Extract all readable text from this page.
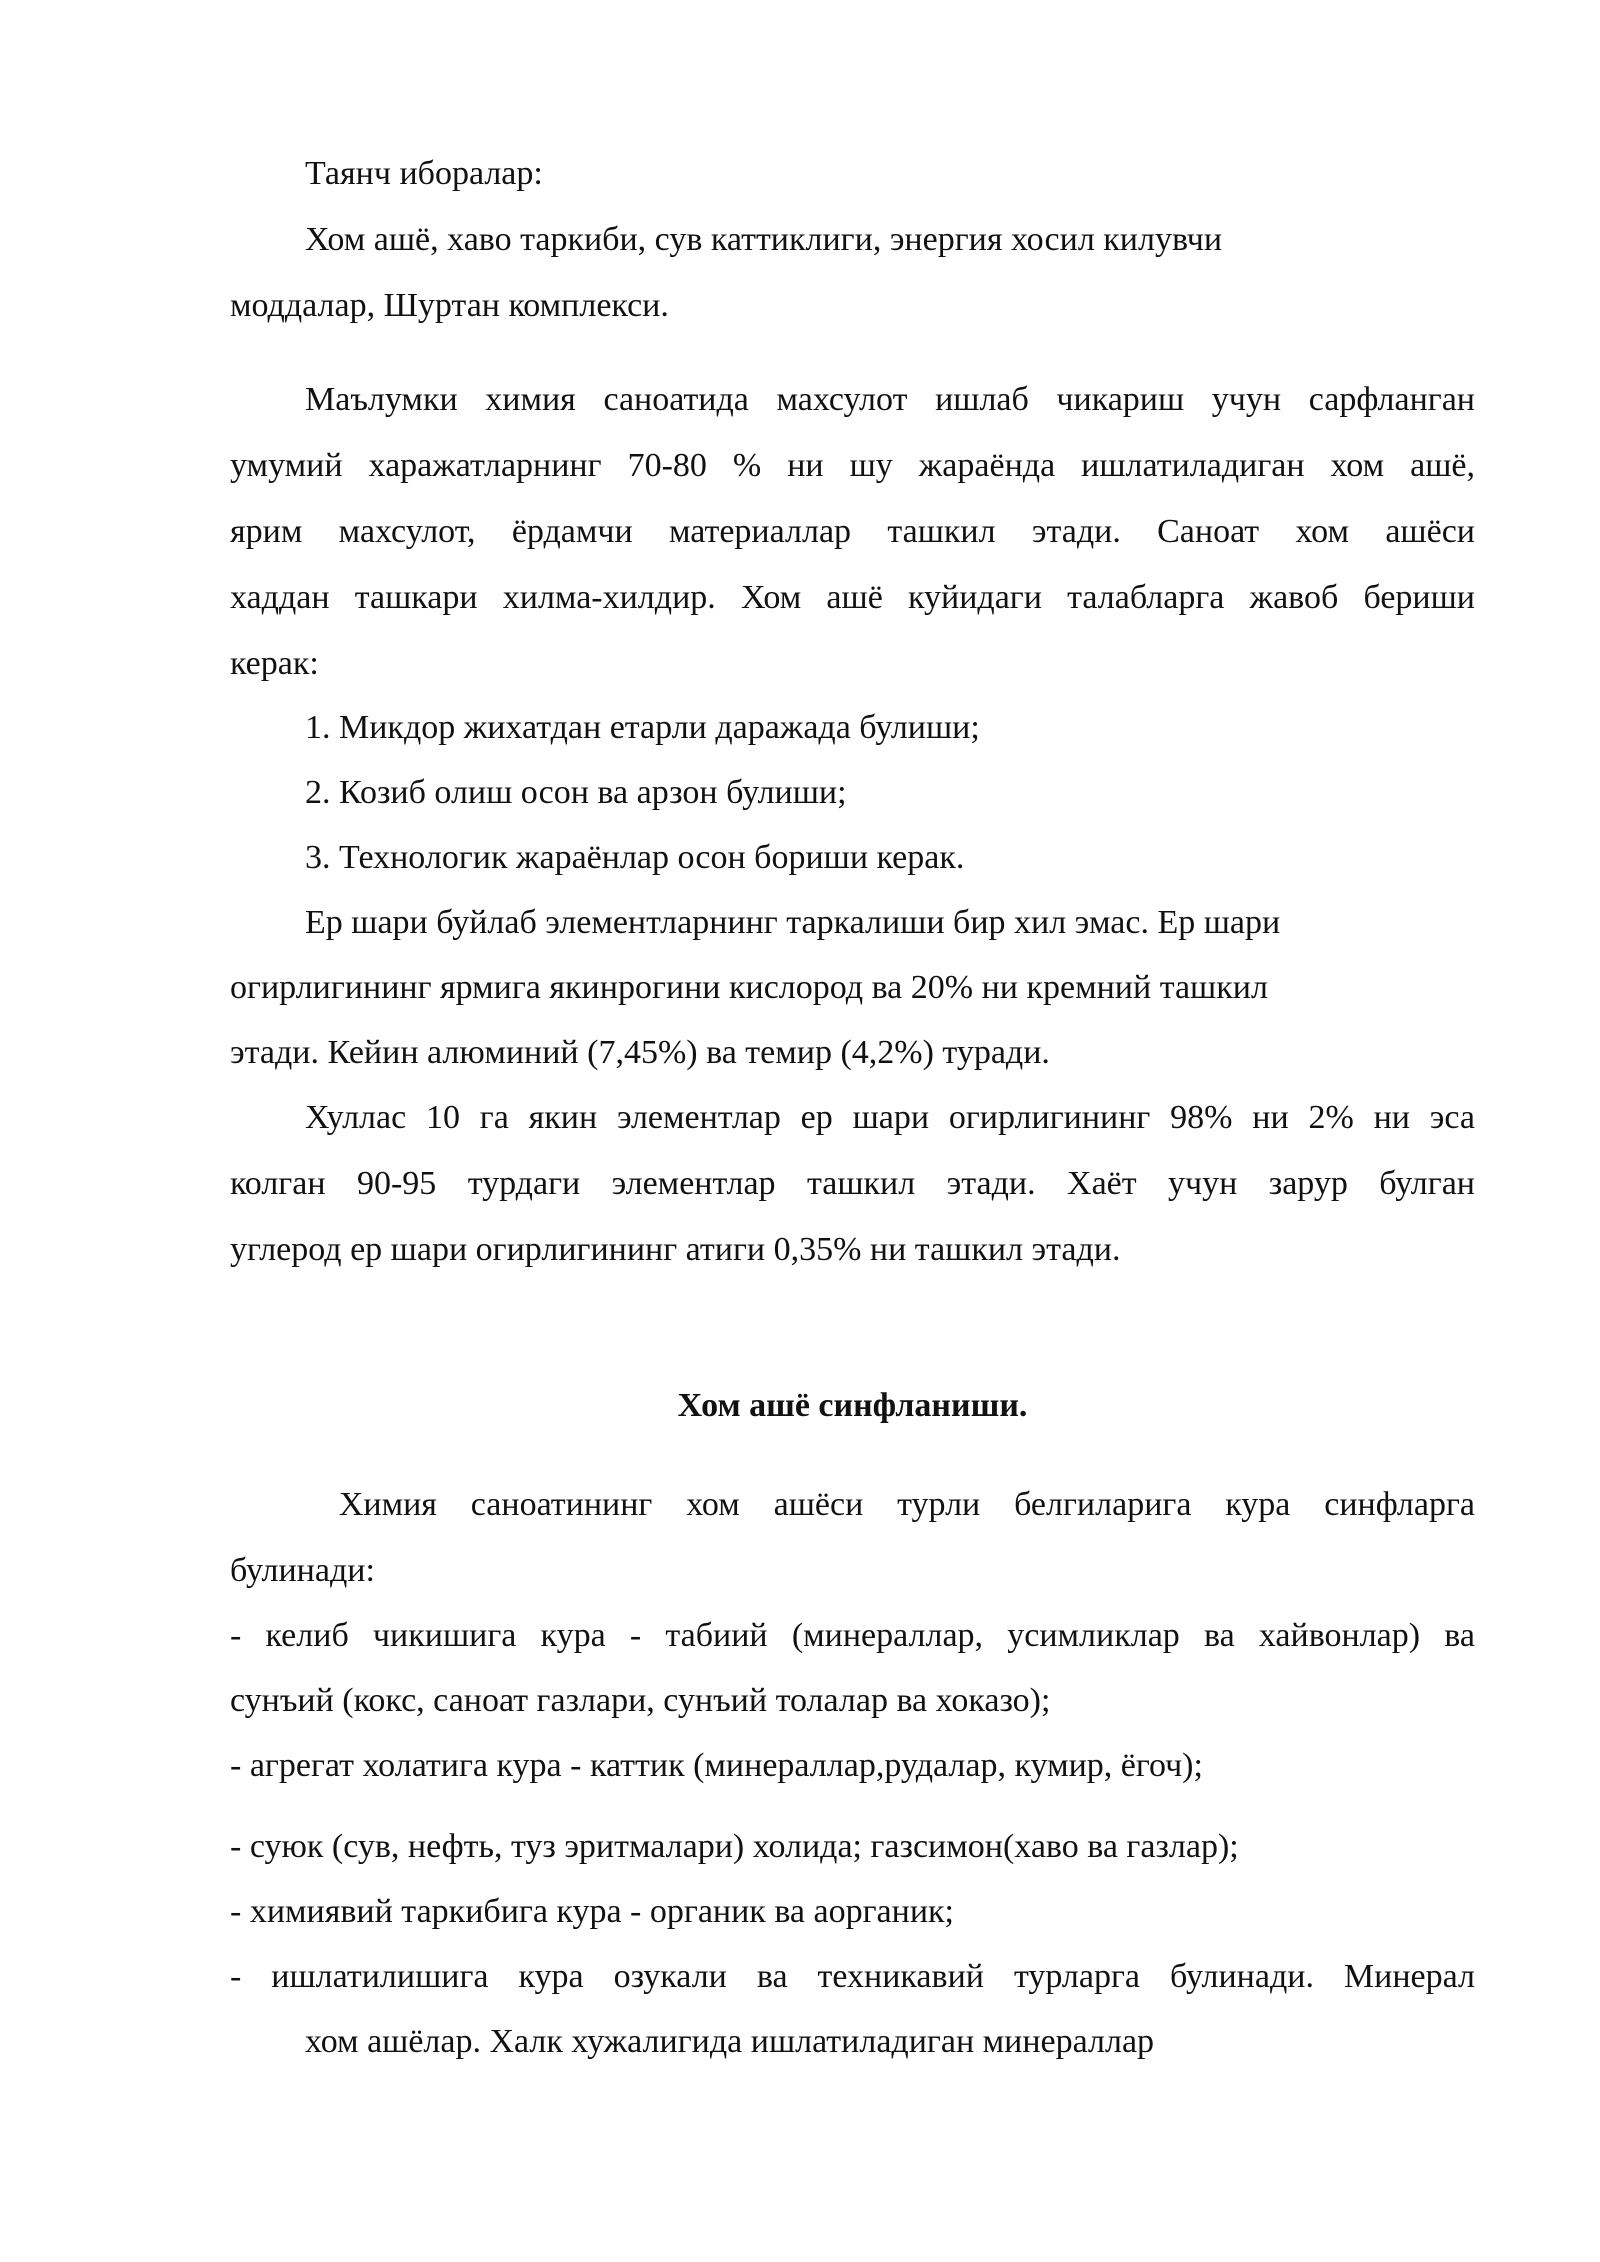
Таянч иборалар:
Хом ашё, хаво таркиби, сув каттиклиги, энергия хосил килувчи
моддалар, Шуртан комплекси.
Маълумки химия саноатида махсулот ишлаб чикариш учун сарфланган
умумий харажатларнинг 70-80 % ни шу жараёнда ишлатиладиган хом ашё,
ярим махсулот, ёрдамчи материаллар ташкил этади. Саноат хом ашёси
хаддан ташкари хилма-хилдир. Хом ашё куйидаги талабларга жавоб бериши
керак:
1. Микдор жихатдан етарли даражада булиши;
2. Козиб олиш осон ва арзон булиши;
3. Технологик жараёнлар осон бориши керак.
Ер шари буйлаб элементларнинг таркалиши бир хил эмас. Ер шари
огирлигининг ярмига якинрогини кислород ва 20% ни кремний ташкил
этади. Кейин алюминий (7,45%) ва темир (4,2%) туради.
Хуллас 10 га якин элементлар ер шари огирлигининг 98% ни 2% ни эса
колган 90-95 турдаги элементлар ташкил этади. Хаёт учун зарур булган
углерод ер шари огирлигининг атиги 0,35% ни ташкил этади.
Хом ашё синфланиши.
Химия саноатининг хом ашёси турли белгиларига кура синфларга
булинади:
- келиб чикишига кура - табиий (минераллар, усимликлар ва хайвонлар) ва
сунъий (кокс, саноат газлари, сунъий толалар ва хоказо);
- агрегат холатига кура - каттик (минераллар,рудалар, кумир, ёгоч);
- суюк (сув, нефть, туз эритмалари) холида; газсимон(хаво ва газлар);
- химиявий таркибига кура - органик ва аорганик;
- ишлатилишига кура озукали ва техникавий турларга булинади. Минерал
хом ашёлар. Халк хужалигида ишлатиладиган минераллар
